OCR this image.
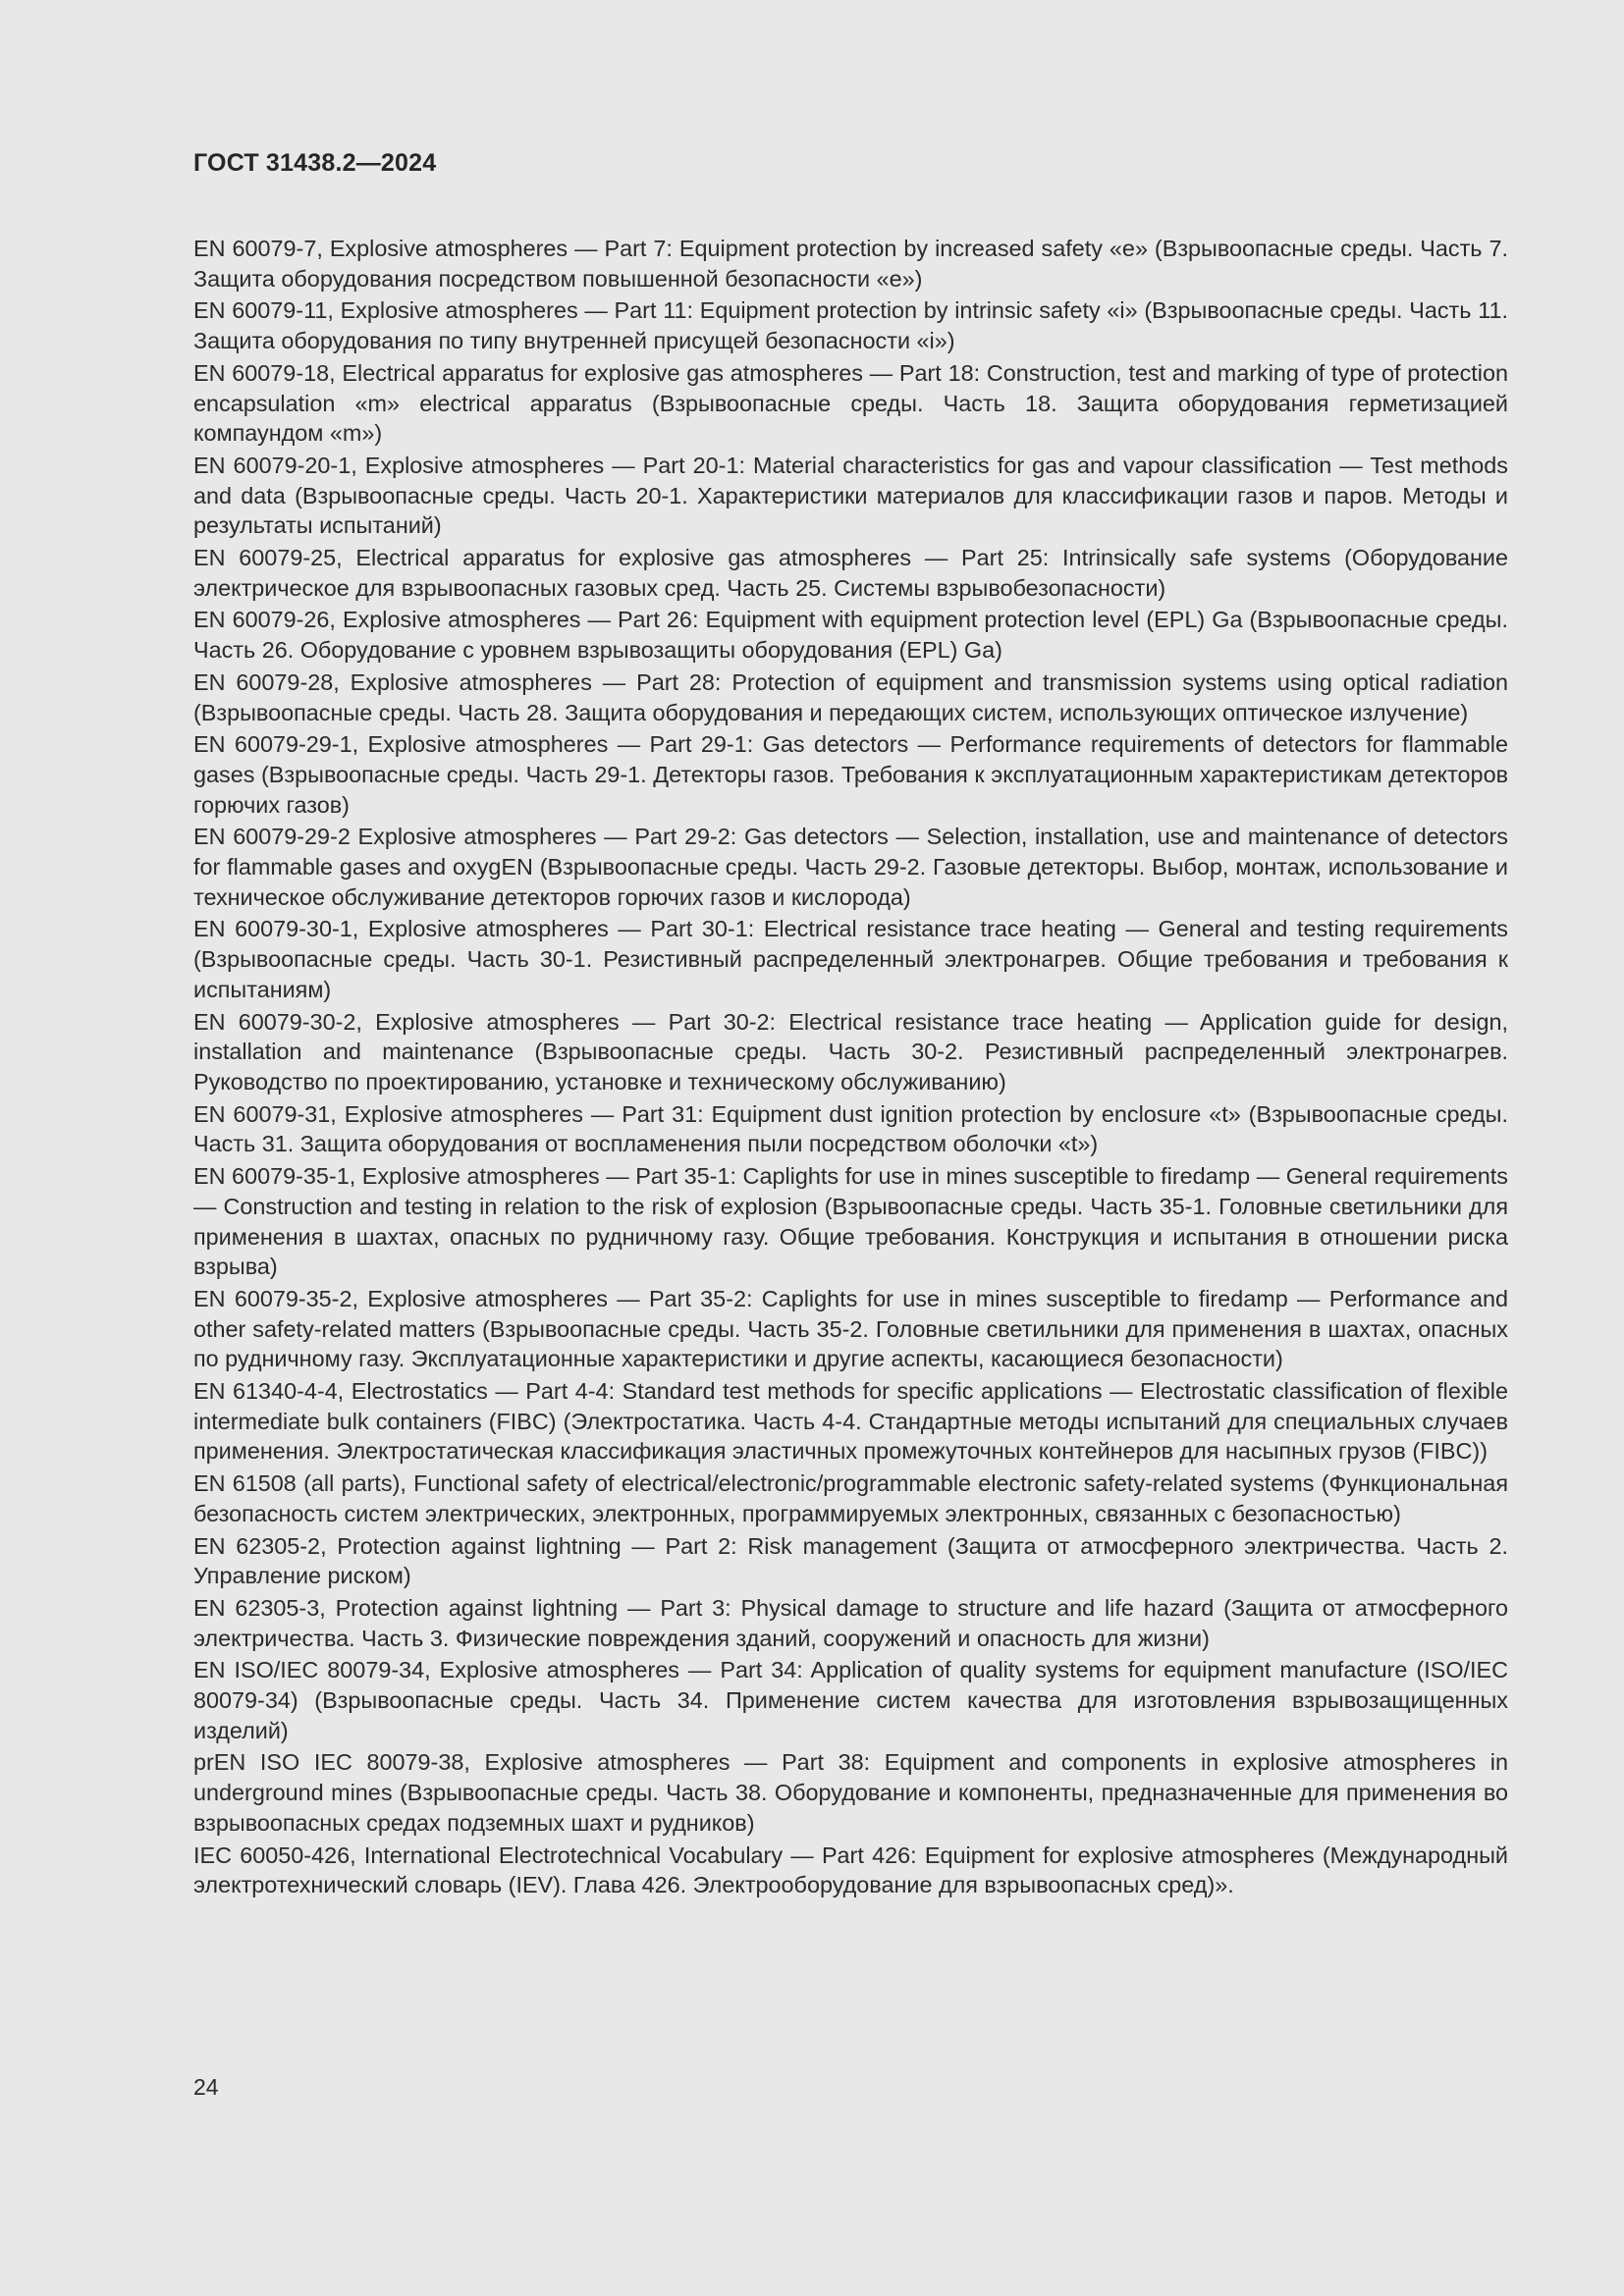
ГОСТ 31438.2—2024

EN 60079-7, Explosive atmospheres — Part 7: Equipment protection by increased safety «e» (Взрывоопасные среды. Часть 7. Защита оборудования посредством повышенной безопасности «e»)

EN 60079-11, Explosive atmospheres — Part 11: Equipment protection by intrinsic safety «i» (Взрывоопасные среды. Часть 11. Защита оборудования по типу внутренней присущей безопасности «i»)

EN 60079-18, Electrical apparatus for explosive gas atmospheres — Part 18: Construction, test and marking of type of protection encapsulation «m» electrical apparatus (Взрывоопасные среды. Часть 18. Защита оборудования герметизацией компаундом «m»)

EN 60079-20-1, Explosive atmospheres — Part 20-1: Material characteristics for gas and vapour classification — Test methods and data (Взрывоопасные среды. Часть 20-1. Характеристики материалов для классификации газов и паров. Методы и результаты испытаний)

EN 60079-25, Electrical apparatus for explosive gas atmospheres — Part 25: Intrinsically safe systems (Оборудование электрическое для взрывоопасных газовых сред. Часть 25. Системы взрывобезопасности)

EN 60079-26, Explosive atmospheres — Part 26: Equipment with equipment protection level (EPL) Ga (Взрывоопасные среды. Часть 26. Оборудование с уровнем взрывозащиты оборудования (EPL) Ga)

EN 60079-28, Explosive atmospheres — Part 28: Protection of equipment and transmission systems using optical radiation (Взрывоопасные среды. Часть 28. Защита оборудования и передающих систем, использующих оптическое излучение)

EN 60079-29-1, Explosive atmospheres — Part 29-1: Gas detectors — Performance requirements of detectors for flammable gases (Взрывоопасные среды. Часть 29-1. Детекторы газов. Требования к эксплуатационным характеристикам детекторов горючих газов)

EN 60079-29-2 Explosive atmospheres — Part 29-2: Gas detectors — Selection, installation, use and maintenance of detectors for flammable gases and oxygEN (Взрывоопасные среды. Часть 29-2. Газовые детекторы. Выбор, монтаж, использование и техническое обслуживание детекторов горючих газов и кислорода)

EN 60079-30-1, Explosive atmospheres — Part 30-1: Electrical resistance trace heating — General and testing requirements (Взрывоопасные среды. Часть 30-1. Резистивный распределенный электронагрев. Общие требования и требования к испытаниям)

EN 60079-30-2, Explosive atmospheres — Part 30-2: Electrical resistance trace heating — Application guide for design, installation and maintenance (Взрывоопасные среды. Часть 30-2. Резистивный распределенный электронагрев. Руководство по проектированию, установке и техническому обслуживанию)

EN 60079-31, Explosive atmospheres — Part 31: Equipment dust ignition protection by enclosure «t» (Взрывоопасные среды. Часть 31. Защита оборудования от воспламенения пыли посредством оболочки «t»)

EN 60079-35-1, Explosive atmospheres — Part 35-1: Caplights for use in mines susceptible to firedamp — General requirements — Construction and testing in relation to the risk of explosion (Взрывоопасные среды. Часть 35-1. Головные светильники для применения в шахтах, опасных по рудничному газу. Общие требования. Конструкция и испытания в отношении риска взрыва)

EN 60079-35-2, Explosive atmospheres — Part 35-2: Caplights for use in mines susceptible to firedamp — Performance and other safety-related matters (Взрывоопасные среды. Часть 35-2. Головные светильники для применения в шахтах, опасных по рудничному газу. Эксплуатационные характеристики и другие аспекты, касающиеся безопасности)

EN 61340-4-4, Electrostatics — Part 4-4: Standard test methods for specific applications — Electrostatic classification of flexible intermediate bulk containers (FIBC) (Электростатика. Часть 4-4. Стандартные методы испытаний для специальных случаев применения. Электростатическая классификация эластичных промежуточных контейнеров для насыпных грузов (FIBC))

EN 61508 (all parts), Functional safety of electrical/electronic/programmable electronic safety-related systems (Функциональная безопасность систем электрических, электронных, программируемых электронных, связанных с безопасностью)

EN 62305-2, Protection against lightning — Part 2: Risk management (Защита от атмосферного электричества. Часть 2. Управление риском)

EN 62305-3, Protection against lightning — Part 3: Physical damage to structure and life hazard (Защита от атмосферного электричества. Часть 3. Физические повреждения зданий, сооружений и опасность для жизни)

EN ISO/IEC 80079-34, Explosive atmospheres — Part 34: Application of quality systems for equipment manufacture (ISO/IEC 80079-34) (Взрывоопасные среды. Часть 34. Применение систем качества для изготовления взрывозащищенных изделий)

prEN ISO IEC 80079-38, Explosive atmospheres — Part 38: Equipment and components in explosive atmospheres in underground mines (Взрывоопасные среды. Часть 38. Оборудование и компоненты, предназначенные для применения во взрывоопасных средах подземных шахт и рудников)

IEC 60050-426, International Electrotechnical Vocabulary — Part 426: Equipment for explosive atmospheres (Международный электротехнический словарь (IEV). Глава 426. Электрооборудование для взрывоопасных сред)».

24
